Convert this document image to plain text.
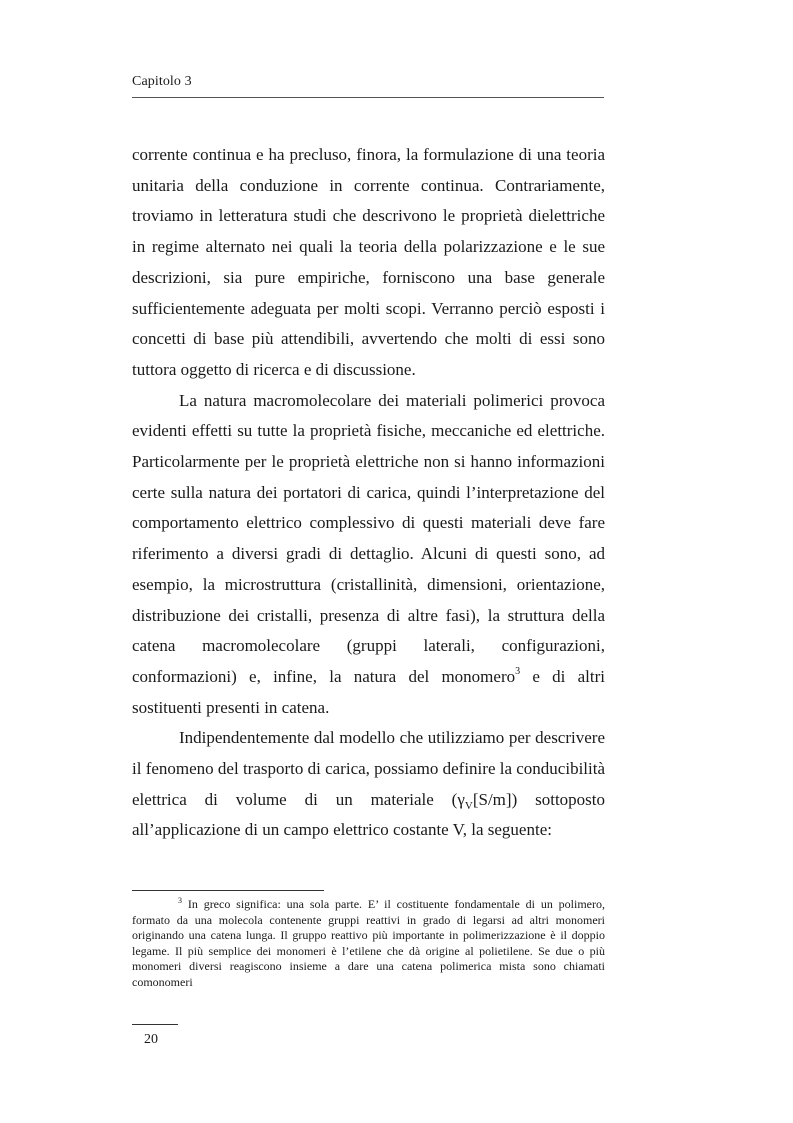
Capitolo 3

corrente continua e ha precluso, finora, la formulazione di una teoria unitaria della conduzione in corrente continua. Contrariamente, troviamo in letteratura studi che descrivono le proprietà dielettriche in regime alternato nei quali la teoria della polarizzazione e le sue descrizioni, sia pure empiriche, forniscono una base generale sufficientemente adeguata per molti scopi. Verranno perciò esposti i concetti di base più attendibili, avvertendo che molti di essi sono tuttora oggetto di ricerca e di discussione.

La natura macromolecolare dei materiali polimerici provoca evidenti effetti su tutte la proprietà fisiche, meccaniche ed elettriche. Particolarmente per le proprietà elettriche non si hanno informazioni certe sulla natura dei portatori di carica, quindi l’interpretazione del comportamento elettrico complessivo di questi materiali deve fare riferimento a diversi gradi di dettaglio. Alcuni di questi sono, ad esempio, la microstruttura (cristallinità, dimensioni, orientazione, distribuzione dei cristalli, presenza di altre fasi), la struttura della catena macromolecolare (gruppi laterali, configurazioni, conformazioni) e, infine, la natura del monomero$^3$ e di altri sostituenti presenti in catena.

Indipendentemente dal modello che utilizziamo per descrivere il fenomeno del trasporto di carica, possiamo definire la conducibilità elettrica di volume di un materiale $(\gamma_V[S/m])$ sottoposto all’applicazione di un campo elettrico costante V, la seguente:

$^3$ In greco significa: una sola parte. E’ il costituente fondamentale di un polimero, formato da una molecola contenente gruppi reattivi in grado di legarsi ad altri monomeri originando una catena lunga. Il gruppo reattivo più importante in polimerizzazione è il doppio legame. Il più semplice dei monomeri è l’etilene che dà origine al polietilene. Se due o più monomeri diversi reagiscono insieme a dare una catena polimerica mista sono chiamati comonomeri
20
